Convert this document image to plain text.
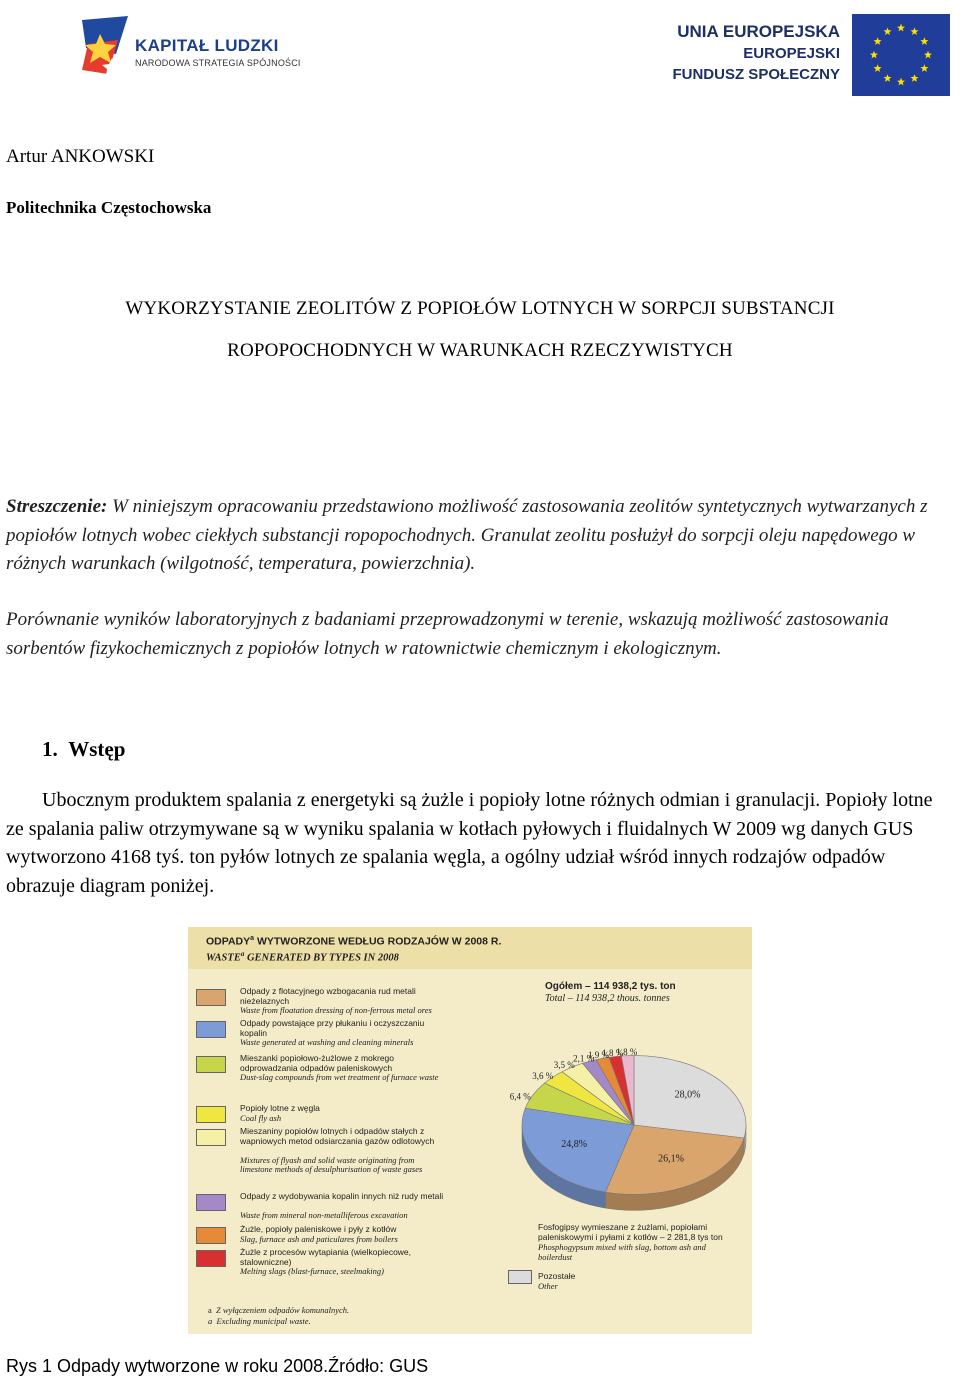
KAPITAŁ LUDZKI
NARODOWA STRATEGIA SPÓJNOŚCI
UNIA EUROPEJSKA
EUROPEJSKI
FUNDUSZ SPOŁECZNY
Artur ANKOWSKI
Politechnika Częstochowska
WYKORZYSTANIE ZEOLITÓW Z POPIOŁÓW LOTNYCH W SORPCJI SUBSTANCJI
ROPOPOCHODNYCH W WARUNKACH RZECZYWISTYCH
Streszczenie: W niniejszym opracowaniu przedstawiono możliwość zastosowania zeolitów syntetycznych wytwarzanych z popiołów lotnych wobec ciekłych substancji ropopochodnych. Granulat zeolitu posłużył do sorpcji oleju napędowego w różnych warunkach (wilgotność, temperatura, powierzchnia).
Porównanie wyników laboratoryjnych z badaniami przeprowadzonymi w terenie, wskazują możliwość zastosowania sorbentów fizykochemicznych z popiołów lotnych w ratownictwie chemicznym i ekologicznym.
1. Wstęp
Ubocznym produktem spalania z energetyki są żużle i popioły lotne różnych odmian i granulacji. Popioły lotne ze spalania paliw otrzymywane są w wyniku spalania w kotłach pyłowych i fluidalnych W 2009 wg danych GUS wytworzono 4168 tyś. ton pyłów lotnych ze spalania węgla, a ogólny udział wśród innych rodzajów odpadów obrazuje diagram poniżej.
ODPADY$^a$ WYTWORZONE WEDŁUG RODZAJÓW W 2008 R.
WASTE$^a$ GENERATED BY TYPES IN 2008
Ogółem – 114 938,2 tys. ton
Total – 114 938,2 thous. tonnes
Odpady z flotacyjnego wzbogacania rud metali nieżelaznych
Waste from floatation dressing of non-ferrous metal ores
Odpady powstające przy płukaniu i oczyszczaniu kopalin
Waste generated at washing and cleaning minerals
Mieszanki popiołowo-żużlowe z mokrego odprowadzania odpadów paleniskowych
Dust-slag compounds from wet treatment of furnace waste
Popioły lotne z węgla
Coal fly ash
Mieszaniny popiołów lotnych i odpadów stałych z wapniowych metod odsiarczania gazów odlotowych
Mixtures of flyash and solid waste originating from limestone methods of desulphurisation of waste gases
Odpady z wydobywania kopalin innych niż rudy metali
Waste from mineral non-metalliferous excavation
Żużle, popioły paleniskowe i pyły z kotłów
Slag, furnace ash and paticulares from boilers
Żużle z procesów wytapiania (wielkopiecowe, stalowniczne)
Melting slags (blast-furnace, steelmaking)
28,0%
26,1%
24,8%
6,4 %
3,6 %
3,5 %
2,1 %
1,9 %
1,8 %
1,8 %
Fosfogipsy wymieszane z żużlami, popiołami paleniskowymi i pyłami z kotłów – 2 281,8 tys ton
Phosphogypsum mixed with slag, bottom ash and boilerdust
Pozostałe
Other
a Z wyłączeniem odpadów komunalnych.
a Excluding municipal waste.
Rys 1 Odpady wytworzone w roku 2008.Źródło: GUS
